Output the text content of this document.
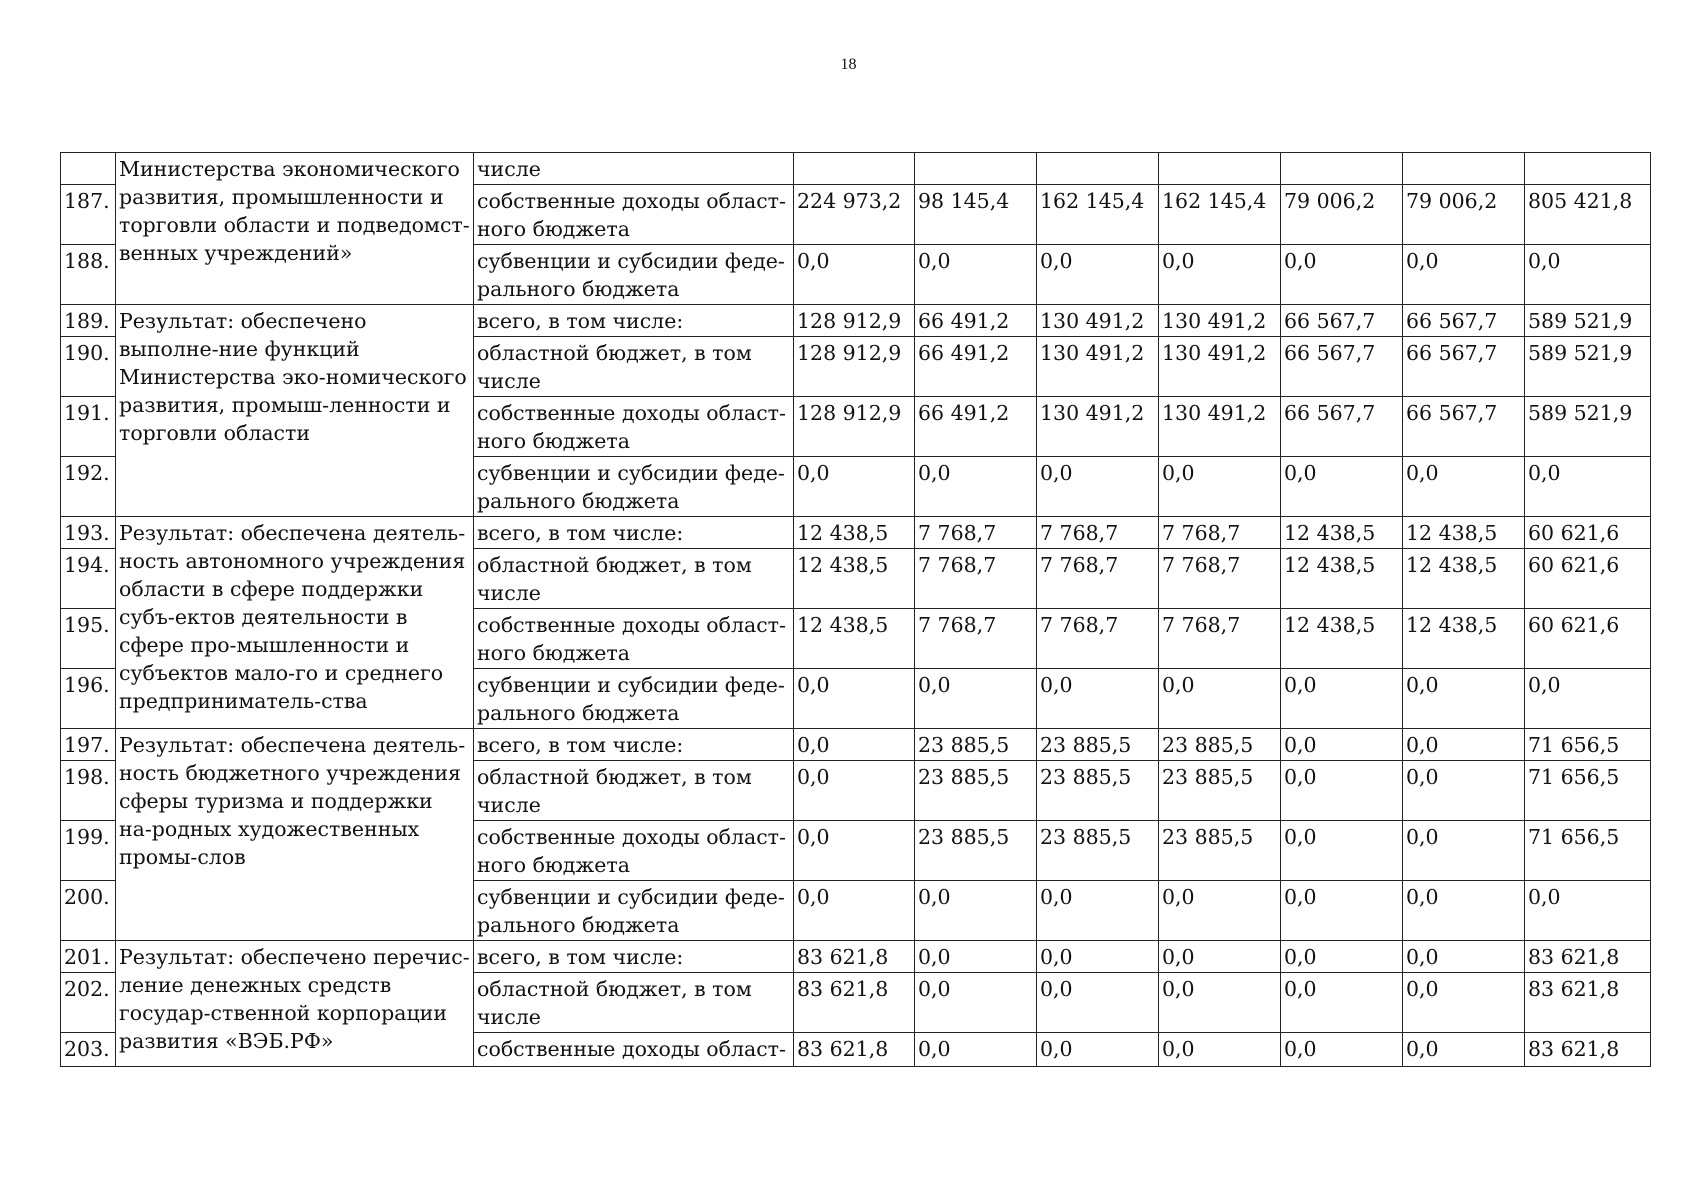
18
	Министерства экономического развития, промышленности и торговли области и подведомст-венных учреждений»	числе							
187.		собственные доходы област-ного бюджета	224 973,2	98 145,4	162 145,4	162 145,4	79 006,2	79 006,2	805 421,8
188.		субвенции и субсидии феде-рального бюджета	0,0	0,0	0,0	0,0	0,0	0,0	0,0
189.	Результат: обеспечено выполне-ние функций Министерства эко-номического развития, промыш-ленности и торговли области	всего, в том числе:	128 912,9	66 491,2	130 491,2	130 491,2	66 567,7	66 567,7	589 521,9
190.		областной бюджет, в том числе	128 912,9	66 491,2	130 491,2	130 491,2	66 567,7	66 567,7	589 521,9
191.		собственные доходы област-ного бюджета	128 912,9	66 491,2	130 491,2	130 491,2	66 567,7	66 567,7	589 521,9
192.		субвенции и субсидии феде-рального бюджета	0,0	0,0	0,0	0,0	0,0	0,0	0,0
193.	Результат: обеспечена деятель-ность автономного учреждения области в сфере поддержки субъ-ектов деятельности в сфере про-мышленности и субъектов мало-го и среднего предприниматель-ства	всего, в том числе:	12 438,5	7 768,7	7 768,7	7 768,7	12 438,5	12 438,5	60 621,6
194.		областной бюджет, в том числе	12 438,5	7 768,7	7 768,7	7 768,7	12 438,5	12 438,5	60 621,6
195.		собственные доходы област-ного бюджета	12 438,5	7 768,7	7 768,7	7 768,7	12 438,5	12 438,5	60 621,6
196.		субвенции и субсидии феде-рального бюджета	0,0	0,0	0,0	0,0	0,0	0,0	0,0
197.	Результат: обеспечена деятель-ность бюджетного учреждения сферы туризма и поддержки на-родных художественных промы-слов	всего, в том числе:	0,0	23 885,5	23 885,5	23 885,5	0,0	0,0	71 656,5
198.		областной бюджет, в том числе	0,0	23 885,5	23 885,5	23 885,5	0,0	0,0	71 656,5
199.		собственные доходы област-ного бюджета	0,0	23 885,5	23 885,5	23 885,5	0,0	0,0	71 656,5
200.		субвенции и субсидии феде-рального бюджета	0,0	0,0	0,0	0,0	0,0	0,0	0,0
201.	Результат: обеспечено перечис-ление денежных средств государ-ственной корпорации развития «ВЭБ.РФ»	всего, в том числе:	83 621,8	0,0	0,0	0,0	0,0	0,0	83 621,8
202.		областной бюджет, в том числе	83 621,8	0,0	0,0	0,0	0,0	0,0	83 621,8
203.		собственные доходы област-	83 621,8	0,0	0,0	0,0	0,0	0,0	83 621,8
